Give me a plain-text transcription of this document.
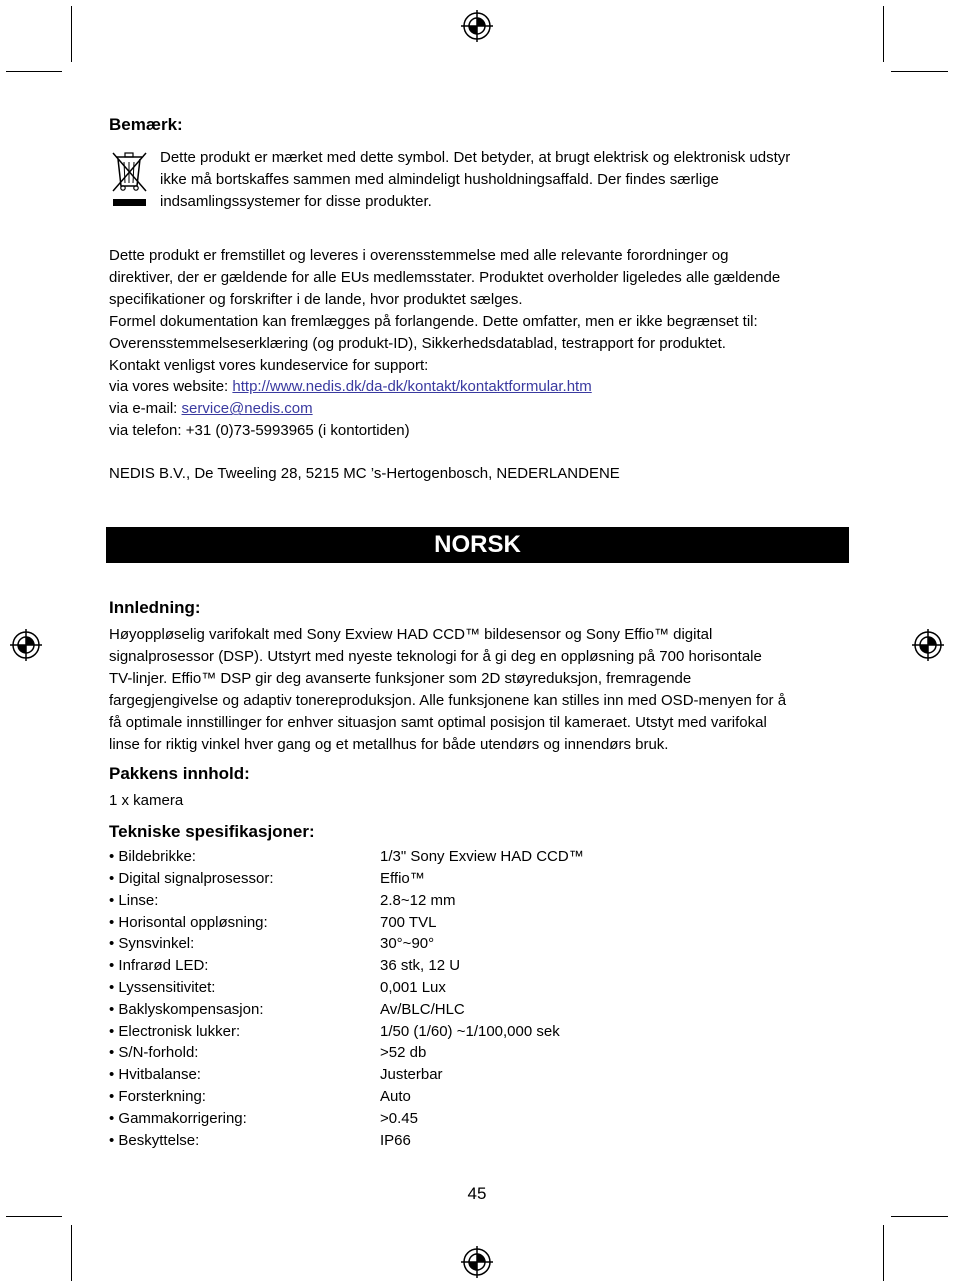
Bemærk:
Dette produkt er mærket med dette symbol. Det betyder, at brugt elektrisk og elektronisk udstyr
ikke må bortskaffes sammen med almindeligt husholdningsaffald. Der findes særlige
indsamlingssystemer for disse produkter.
Dette produkt er fremstillet og leveres i overensstemmelse med alle relevante forordninger og
direktiver, der er gældende for alle EUs medlemsstater. Produktet overholder ligeledes alle gældende
specifikationer og forskrifter i de lande, hvor produktet sælges.
Formel dokumentation kan fremlægges på forlangende. Dette omfatter, men er ikke begrænset til:
Overensstemmelseserklæring (og produkt-ID), Sikkerhedsdatablad, testrapport for produktet.
Kontakt venligst vores kundeservice for support:
via vores website: http://www.nedis.dk/da-dk/kontakt/kontaktformular.htm
via e-mail: service@nedis.com
via telefon: +31 (0)73-5993965 (i kontortiden)
NEDIS B.V., De Tweeling 28, 5215 MC ’s-Hertogenbosch, NEDERLANDENE
NORSK
Innledning:
Høyoppløselig varifokalt med Sony Exview HAD CCD™ bildesensor og Sony Effio™ digital
signalprosessor (DSP). Utstyrt med nyeste teknologi for å gi deg en oppløsning på 700 horisontale
TV-linjer. Effio™ DSP gir deg avanserte funksjoner som 2D støyreduksjon, fremragende
fargegjengivelse og adaptiv tonereproduksjon. Alle funksjonene kan stilles inn med OSD-menyen for å
få optimale innstillinger for enhver situasjon samt optimal posisjon til kameraet. Utstyt med varifokal
linse for riktig vinkel hver gang og et metallhus for både utendørs og innendørs bruk.
Pakkens innhold:
1 x kamera
Tekniske spesifikasjoner:
• Bildebrikke:	1/3" Sony Exview HAD CCD™
• Digital signalprosessor:	Effio™
• Linse:	2.8~12 mm
• Horisontal oppløsning:	700 TVL
• Synsvinkel:	30°~90°
• Infrarød LED:	36 stk, 12 U
• Lyssensitivitet:	0,001 Lux
• Baklyskompensasjon:	Av/BLC/HLC
• Electronisk lukker:	1/50 (1/60) ~1/100,000 sek
• S/N-forhold:	>52 db
• Hvitbalanse:	Justerbar
• Forsterkning:	Auto
• Gammakorrigering:	>0.45
• Beskyttelse:	IP66
45
